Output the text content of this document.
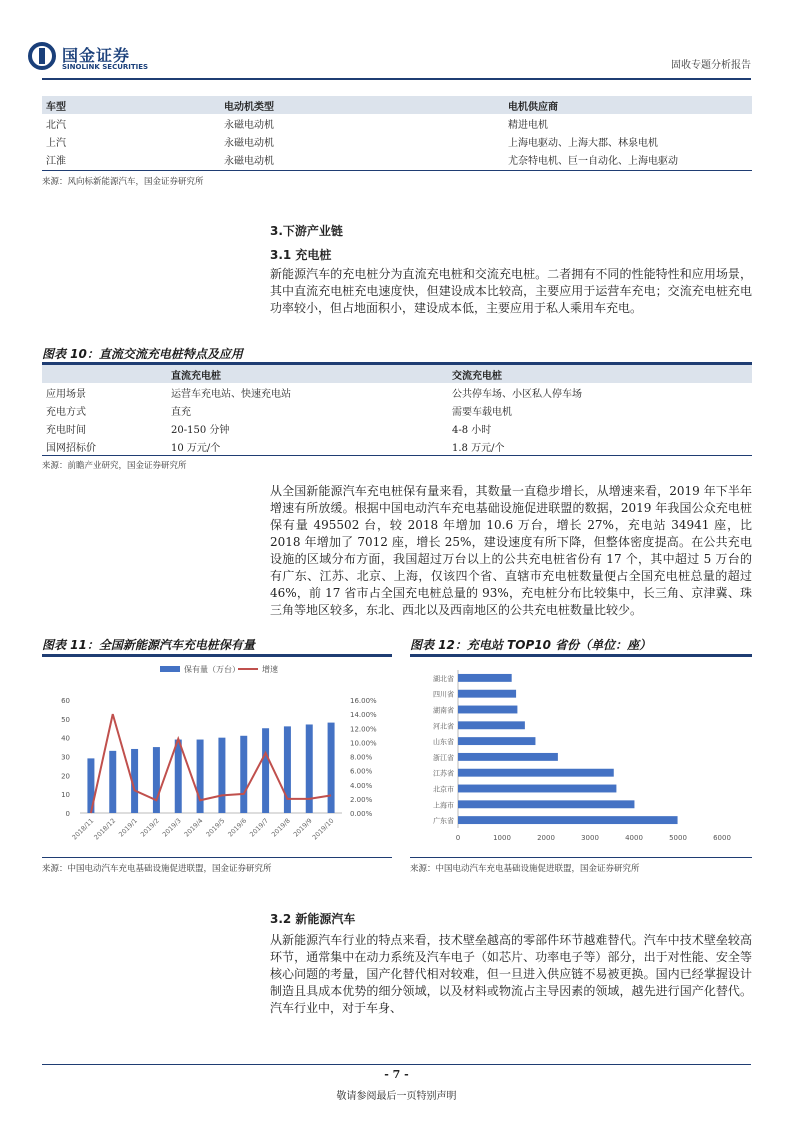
国金证券
SINOLINK SECURITIES	固收专题分析报告
车型	电动机类型	电机供应商
北汽	永磁电动机	精进电机
上汽	永磁电动机	上海电驱动、上海大郡、林泉电机
江淮	永磁电动机	尤奈特电机、巨一自动化、上海电驱动
来源：风向标新能源汽车，国金证券研究所
3.下游产业链
3.1 充电桩
新能源汽车的充电桩分为直流充电桩和交流充电桩。二者拥有不同的性能特性和应用场景，其中直流充电桩充电速度快，但建设成本比较高，主要应用于运营车充电；交流充电桩充电功率较小，但占地面积小，建设成本低，主要应用于私人乘用车充电。
图表 10：直流交流充电桩特点及应用
	直流充电桩	交流充电桩
应用场景	运营车充电站、快速充电站	公共停车场、小区私人停车场
充电方式	直充	需要车载电机
充电时间	20-150 分钟	4-8 小时
国网招标价	10 万元/个	1.8 万元/个
来源：前瞻产业研究，国金证券研究所
从全国新能源汽车充电桩保有量来看，其数量一直稳步增长，从增速来看，2019 年下半年增速有所放缓。根据中国电动汽车充电基础设施促进联盟的数据，2019 年我国公众充电桩保有量 495502 台，较 2018 年增加 10.6 万台，增长 27%，充电站 34941 座，比 2018 年增加了 7012 座，增长 25%，建设速度有所下降，但整体密度提高。在公共充电设施的区域分布方面，我国超过万台以上的公共充电桩省份有 17 个，其中超过 5 万台的有广东、江苏、北京、上海，仅该四个省、直辖市充电桩数量便占全国充电桩总量的超过 46%，前 17 省市占全国充电桩总量的 93%，充电桩分布比较集中，长三角、京津冀、珠三角等地区较多，东北、西北以及西南地区的公共充电桩数量比较少。
图表 11：全国新能源汽车充电桩保有量
保有量（万台）	增速
0
10
20
30
40
50
60
0.00%
2.00%
4.00%
6.00%
8.00%
10.00%
12.00%
14.00%
16.00%
2018/11
2018/12 2019/1 2019/2 2019/3 2019/4 2019/5 2019/6 2019/7 2019/8 2019/9
2019/10
来源：中国电动汽车充电基础设施促进联盟，国金证券研究所
图表 12：充电站 TOP10 省份（单位：座）
广东省
上海市
北京市
江苏省
浙江省
山东省
河北省
湖南省
四川省
湖北省
0	1000	2000	3000	4000	5000	6000
来源：中国电动汽车充电基础设施促进联盟，国金证券研究所
3.2 新能源汽车
从新能源汽车行业的特点来看，技术壁垒越高的零部件环节越难替代。汽车中技术壁垒较高环节，通常集中在动力系统及汽车电子（如芯片、功率电子等）部分，出于对性能、安全等核心问题的考量，国产化替代相对较难，但一旦进入供应链不易被更换。国内已经掌握设计制造且具成本优势的细分领域，以及材料或物流占主导因素的领域，越先进行国产化替代。汽车行业中，对于车身、
- 7 -
敬请参阅最后一页特别声明
